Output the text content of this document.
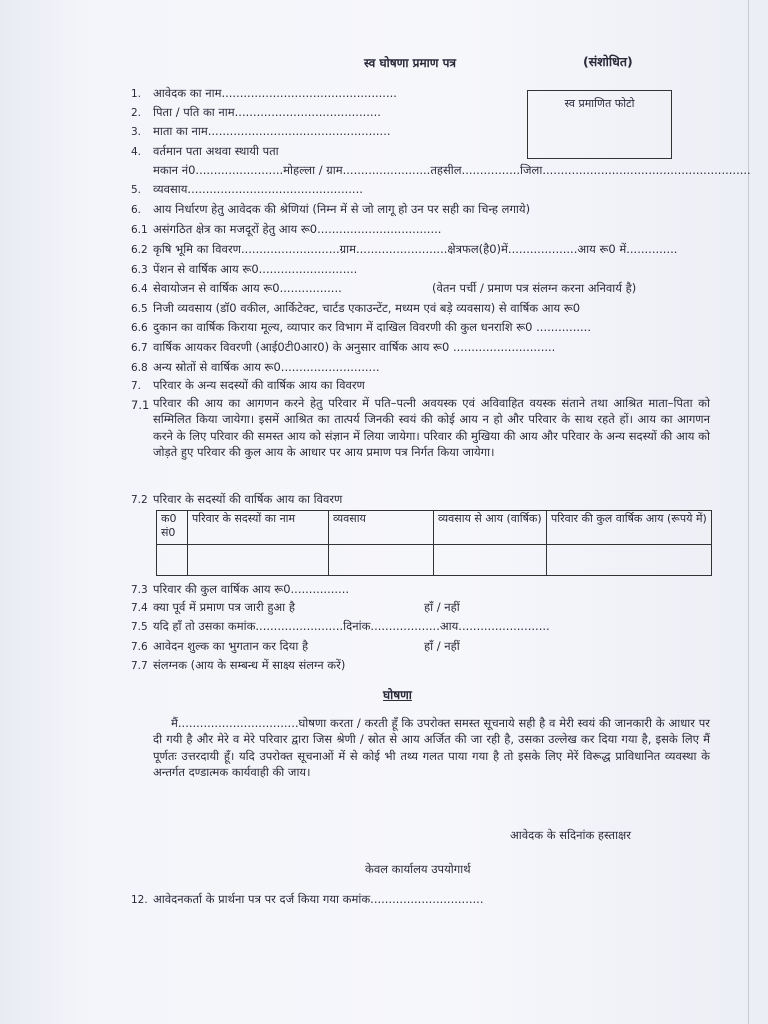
स्व घोषणा प्रमाण पत्र	(संशोधित)
स्व प्रमाणित फोटो
1. आवेदक का नाम................................................
2. पिता / पति का नाम........................................
3. माता का नाम..................................................
4. वर्तमान पता अथवा स्थायी पता
मकान नं0........................मोहल्ला / ग्राम........................तहसील................जिला.........................................................
5. व्यवसाय................................................
6. आय निर्धारण हेतु आवेदक की श्रेणियां (निम्न में से जो लागू हो उन पर सही का चिन्ह लगाये)
6.1 असंगठित क्षेत्र का मजदूरों हेतु आय रू0..................................
6.2 कृषि भूमि का विवरण...........................ग्राम.........................क्षेत्रफल(है0)में...................आय रू0 में..............
6.3 पेंशन से वार्षिक आय रू0...........................
6.4 सेवायोजन से वार्षिक आय रू0.................	(वेतन पर्ची / प्रमाण पत्र संलग्न करना अनिवार्य है)
6.5 निजी व्यवसाय (डॉ0 वकील, आर्किटेक्ट, चार्टड एकाउन्टेंट, मध्यम एवं बड़े व्यवसाय) से वार्षिक आय रू0
6.6 दुकान का वार्षिक किराया मूल्य, व्यापार कर विभाग में दाखिल विवरणी की कुल धनराशि रू0 ...............
6.7 वार्षिक आयकर विवरणी (आई0टी0आर0) के अनुसार वार्षिक आय रू0 ............................
6.8 अन्य स्रोतों से वार्षिक आय रू0...........................
7. परिवार के अन्य सदस्यों की वार्षिक आय का विवरण
7.1 परिवार की आय का आगणन करने हेतु परिवार में पति–पत्नी अवयस्क एवं अविवाहित वयस्क संताने तथा आश्रित माता–पिता को सम्मिलित किया जायेगा। इसमें आश्रित का तात्पर्य जिनकी स्वयं की कोई आय न हो और परिवार के साथ रहते हों। आय का आगणन करने के लिए परिवार की समस्त आय को संज्ञान में लिया जायेगा। परिवार की मुखिया की आय और परिवार के अन्य सदस्यों की आय को जोड़ते हुए परिवार की कुल आय के आधार पर आय प्रमाण पत्र निर्गत किया जायेगा।
7.2 परिवार के सदस्यों की वार्षिक आय का विवरण
क0 सं0	परिवार के सदस्यों का नाम	व्यवसाय	व्यवसाय से आय (वार्षिक)	परिवार की कुल वार्षिक आय (रूपये में)

7.3 परिवार की कुल वार्षिक आय रू0................
7.4 क्या पूर्व में प्रमाण पत्र जारी हुआ है	हॉं / नहीं
7.5 यदि हॉं तो उसका कमांक........................दिनांक...................आय.........................
7.6 आवेदन शुल्क का भुगतान कर दिया है	हॉं / नहीं
7.7 संलग्नक (आय के सम्बन्ध में साक्ष्य संलग्न करें)
घोषणा
मैं.................................घोषणा करता / करती हूँ कि उपरोक्त समस्त सूचनाये सही है व मेरी स्वयं की जानकारी के आधार पर दी गयी है और मेरे व मेरे परिवार द्वारा जिस श्रेणी / स्रोत से आय अर्जित की जा रही है, उसका उल्लेख कर दिया गया है, इसके लिए मैं पूर्णतः उत्तरदायी हूँ। यदि उपरोक्त सूचनाओं में से कोई भी तथ्य गलत पाया गया है तो इसके लिए मेरें विरूद्ध प्राविधानित व्यवस्था के अन्तर्गत दण्डात्मक कार्यवाही की जाय।
आवेदक के सदिनांक हस्ताक्षर
केवल कार्यालय उपयोगार्थ
12. आवेदनकर्ता के प्रार्थना पत्र पर दर्ज किया गया कमांक...............................
